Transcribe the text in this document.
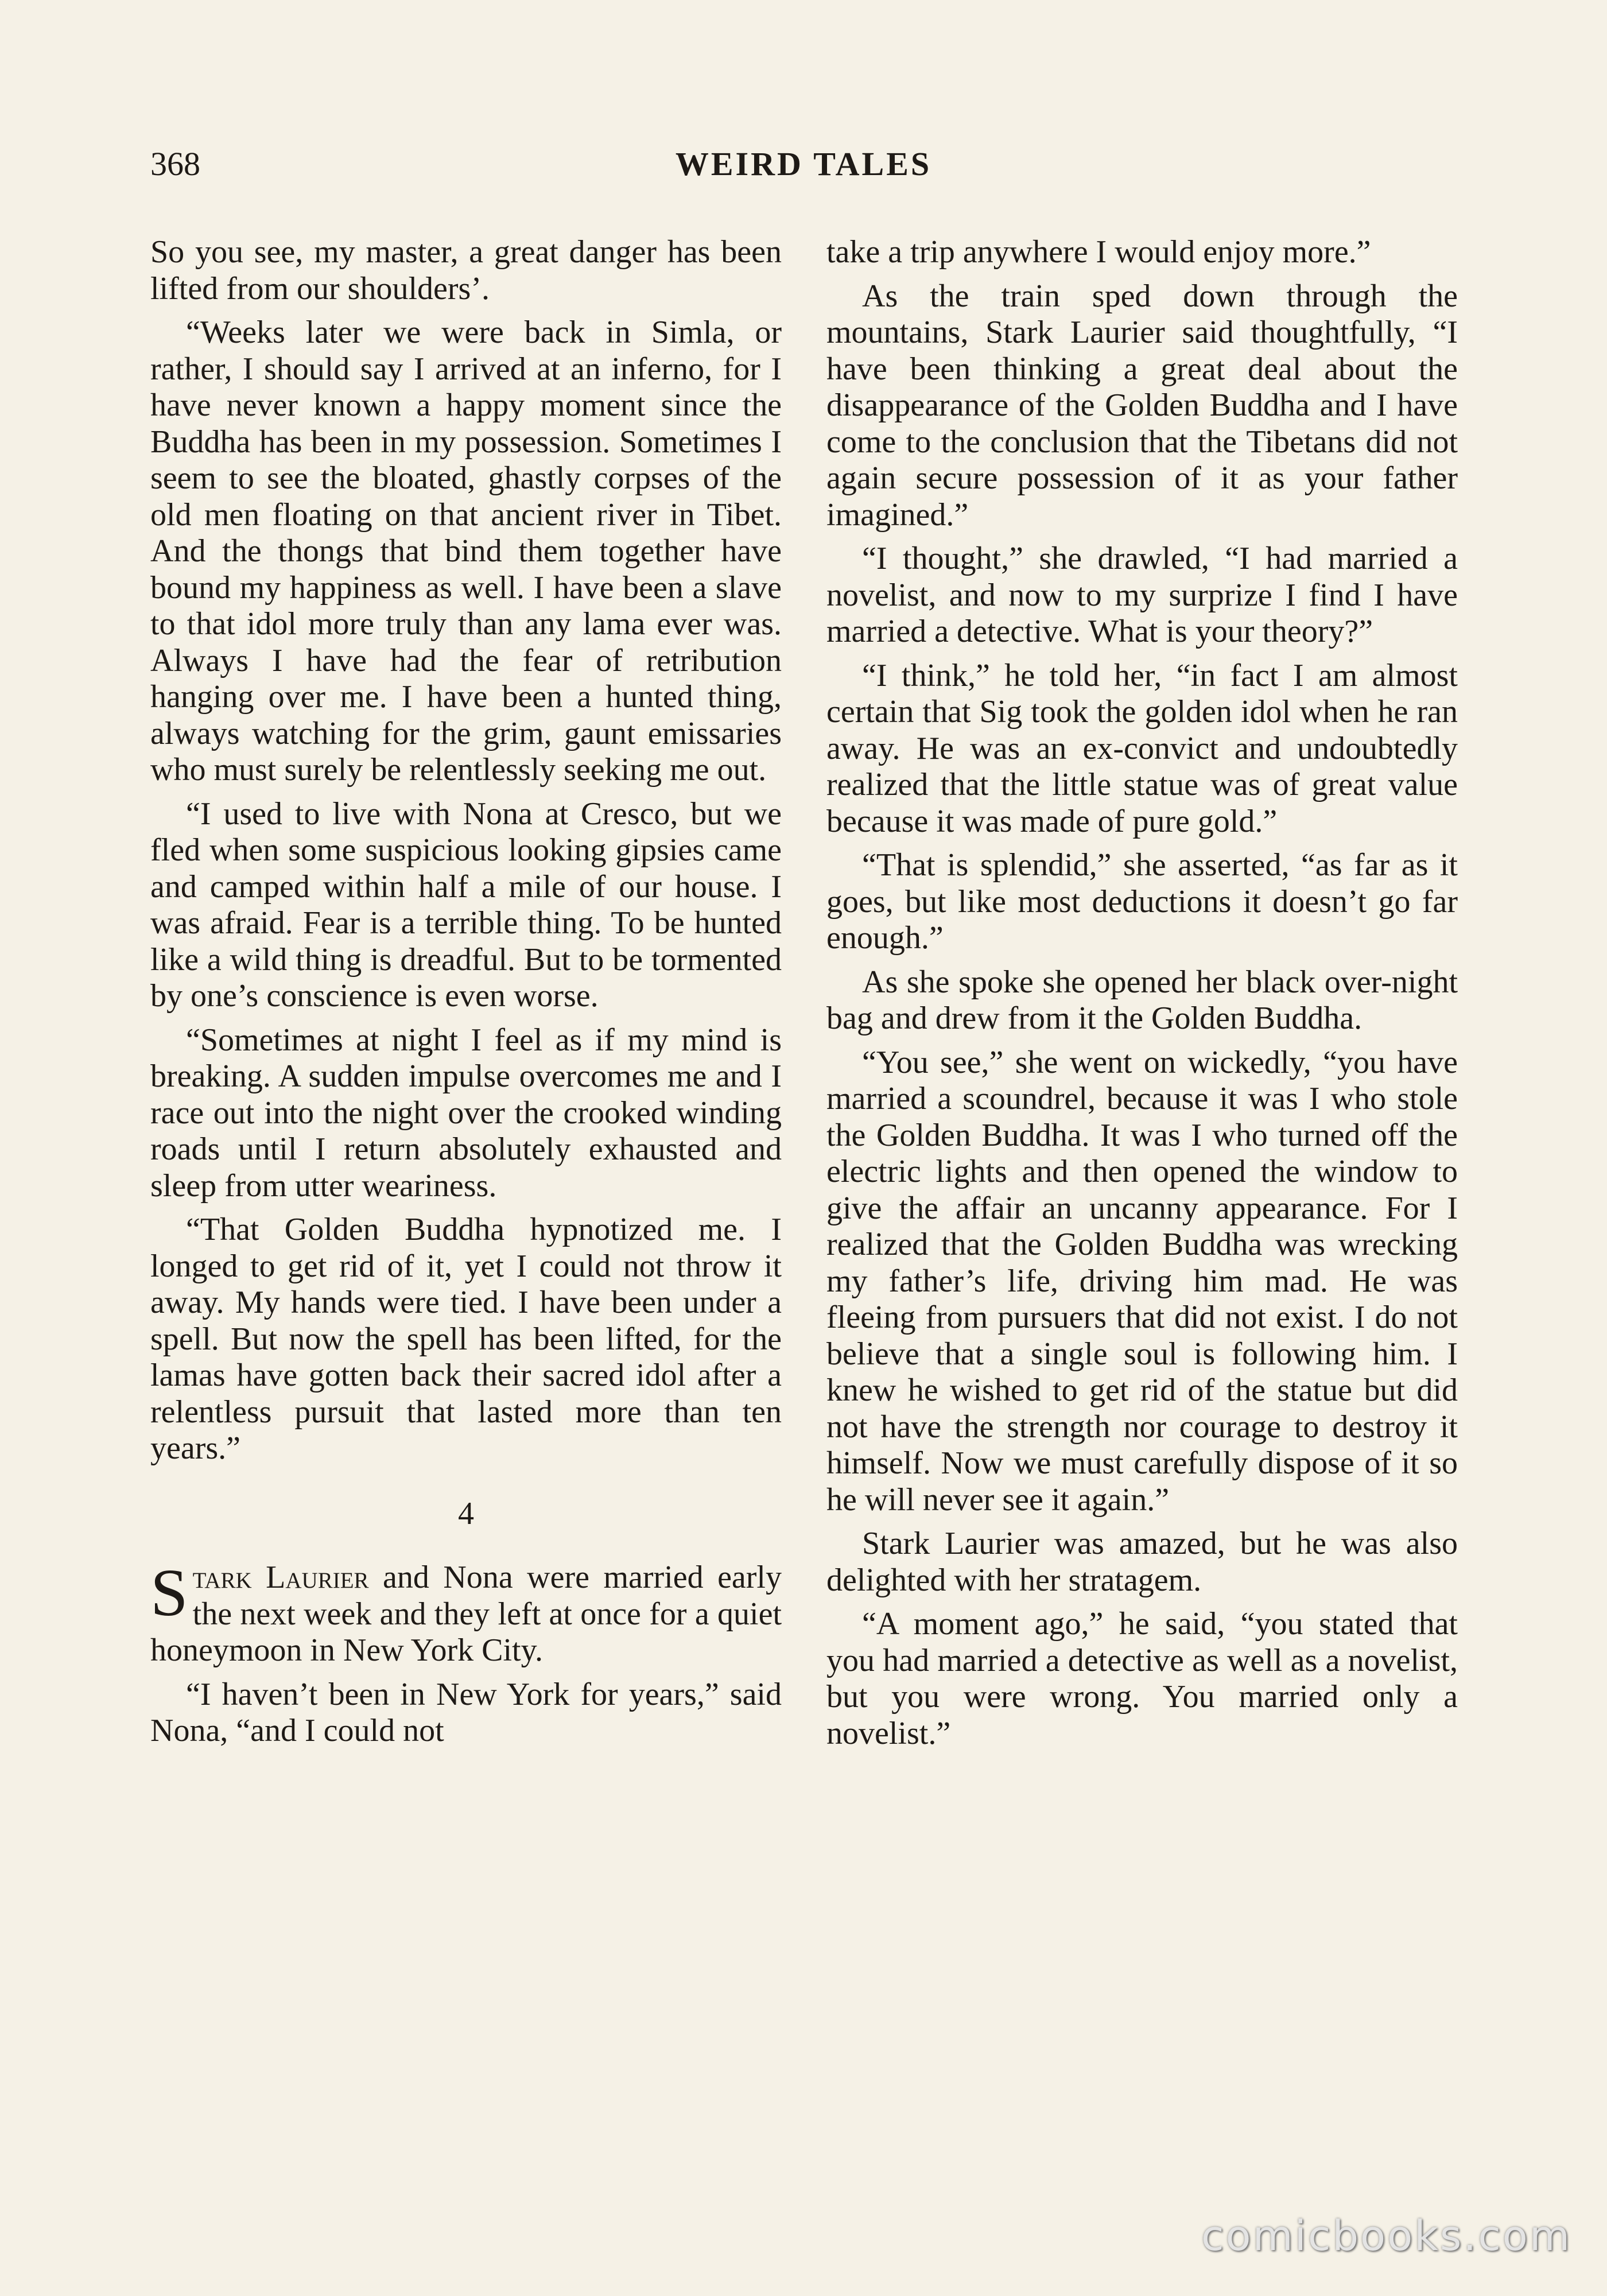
368	WEIRD TALES

So you see, my master, a great danger has been lifted from our shoulders’.

“Weeks later we were back in Simla, or rather, I should say I arrived at an inferno, for I have never known a happy moment since the Buddha has been in my possession. Sometimes I seem to see the bloated, ghastly corpses of the old men floating on that ancient river in Tibet. And the thongs that bind them together have bound my happiness as well. I have been a slave to that idol more truly than any lama ever was. Always I have had the fear of retribution hanging over me. I have been a hunted thing, always watching for the grim, gaunt emissaries who must surely be relentlessly seeking me out.

“I used to live with Nona at Cresco, but we fled when some suspicious looking gipsies came and camped within half a mile of our house. I was afraid. Fear is a terrible thing. To be hunted like a wild thing is dreadful. But to be tormented by one’s conscience is even worse.

“Sometimes at night I feel as if my mind is breaking. A sudden impulse overcomes me and I race out into the night over the crooked winding roads until I return absolutely exhausted and sleep from utter weariness.

“That Golden Buddha hypnotized me. I longed to get rid of it, yet I could not throw it away. My hands were tied. I have been under a spell. But now the spell has been lifted, for the lamas have gotten back their sacred idol after a relentless pursuit that lasted more than ten years.”

4

Stark Laurier and Nona were married early the next week and they left at once for a quiet honeymoon in New York City.

“I haven’t been in New York for years,” said Nona, “and I could not

take a trip anywhere I would enjoy more.”

As the train sped down through the mountains, Stark Laurier said thoughtfully, “I have been thinking a great deal about the disappearance of the Golden Buddha and I have come to the conclusion that the Tibetans did not again secure possession of it as your father imagined.”

“I thought,” she drawled, “I had married a novelist, and now to my surprize I find I have married a detective. What is your theory?”

“I think,” he told her, “in fact I am almost certain that Sig took the golden idol when he ran away. He was an ex-convict and undoubtedly realized that the little statue was of great value because it was made of pure gold.”

“That is splendid,” she asserted, “as far as it goes, but like most deductions it doesn’t go far enough.”

As she spoke she opened her black over-night bag and drew from it the Golden Buddha.

“You see,” she went on wickedly, “you have married a scoundrel, because it was I who stole the Golden Buddha. It was I who turned off the electric lights and then opened the window to give the affair an uncanny appearance. For I realized that the Golden Buddha was wrecking my father’s life, driving him mad. He was fleeing from pursuers that did not exist. I do not believe that a single soul is following him. I knew he wished to get rid of the statue but did not have the strength nor courage to destroy it himself. Now we must carefully dispose of it so he will never see it again.”

Stark Laurier was amazed, but he was also delighted with her stratagem.

“A moment ago,” he said, “you stated that you had married a detective as well as a novelist, but you were wrong. You married only a novelist.”

comicbooks.com
